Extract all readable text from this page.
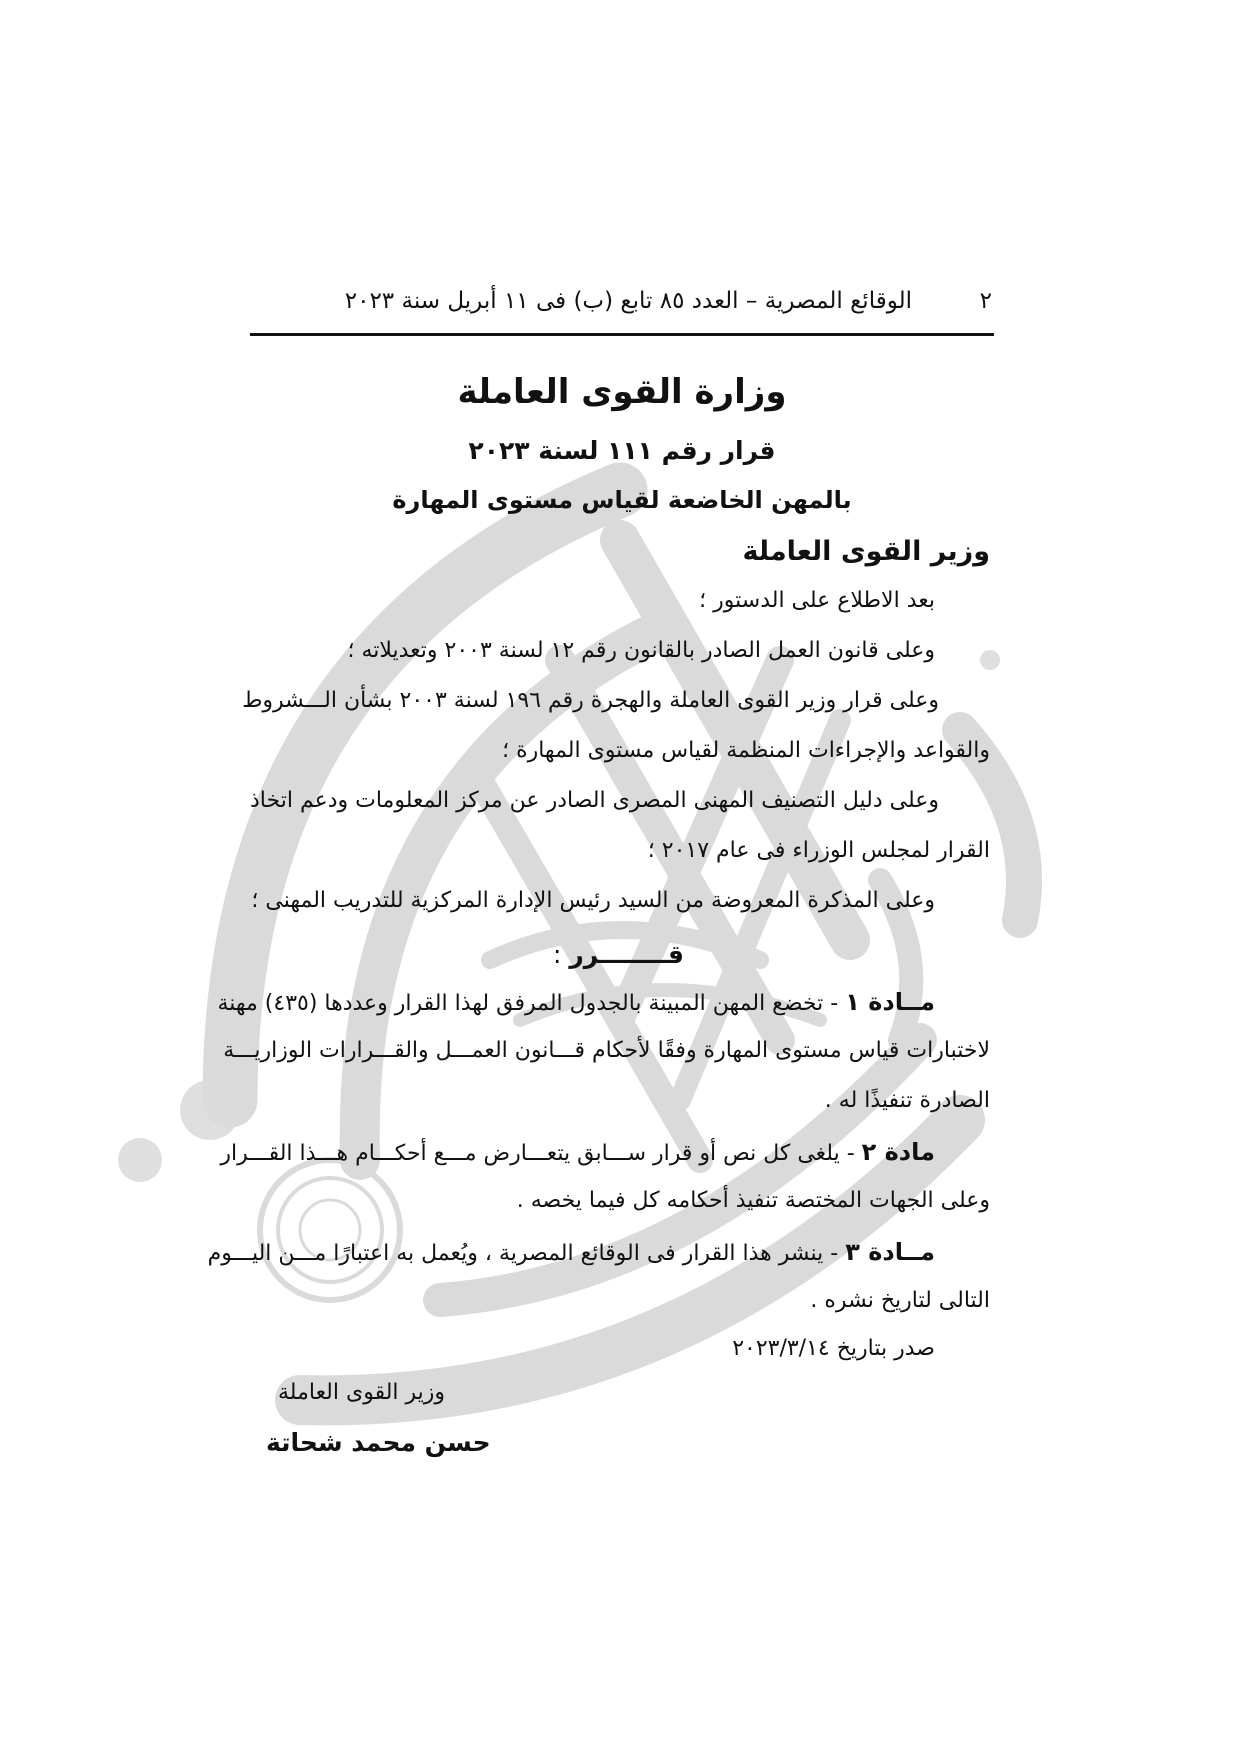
٢
الوقائع المصرية – العدد ٨٥ تابع (ب) فى ١١ أبريل سنة ٢٠٢٣
وزارة القوى العاملة
قرار رقم ١١١ لسنة ٢٠٢٣
بالمهن الخاضعة لقياس مستوى المهارة
وزير القوى العاملة
بعد الاطلاع على الدستور ؛
وعلى قانون العمل الصادر بالقانون رقم ١٢ لسنة ٢٠٠٣ وتعديلاته ؛
وعلى قرار وزير القوى العاملة والهجرة رقم ١٩٦ لسنة ٢٠٠٣ بشأن الـــشروط
والقواعد والإجراءات المنظمة لقياس مستوى المهارة ؛
وعلى دليل التصنيف المهنى المصرى الصادر عن مركز المعلومات ودعم اتخاذ
القرار لمجلس الوزراء فى عام ٢٠١٧ ؛
وعلى المذكرة المعروضة من السيد رئيس الإدارة المركزية للتدريب المهنى ؛
قــــــــرر :
مــادة ١ - تخضع المهن المبينة بالجدول المرفق لهذا القرار وعددها (٤٣٥) مهنة
لاختبارات قياس مستوى المهارة وفقًا لأحكام قـــانون العمـــل والقـــرارات الوزاريـــة
الصادرة تنفيذًا له .
مادة ٢ - يلغى كل نص أو قرار ســـابق يتعـــارض مـــع أحكـــام هـــذا القـــرار
وعلى الجهات المختصة تنفيذ أحكامه كل فيما يخصه .
مــادة ٣ - ينشر هذا القرار فى الوقائع المصرية ، ويُعمل به اعتبارًا مـــن اليـــوم
التالى لتاريخ نشره .
صدر بتاريخ ٢٠٢٣/٣/١٤
وزير القوى العاملة
حسن محمد شحاتة
